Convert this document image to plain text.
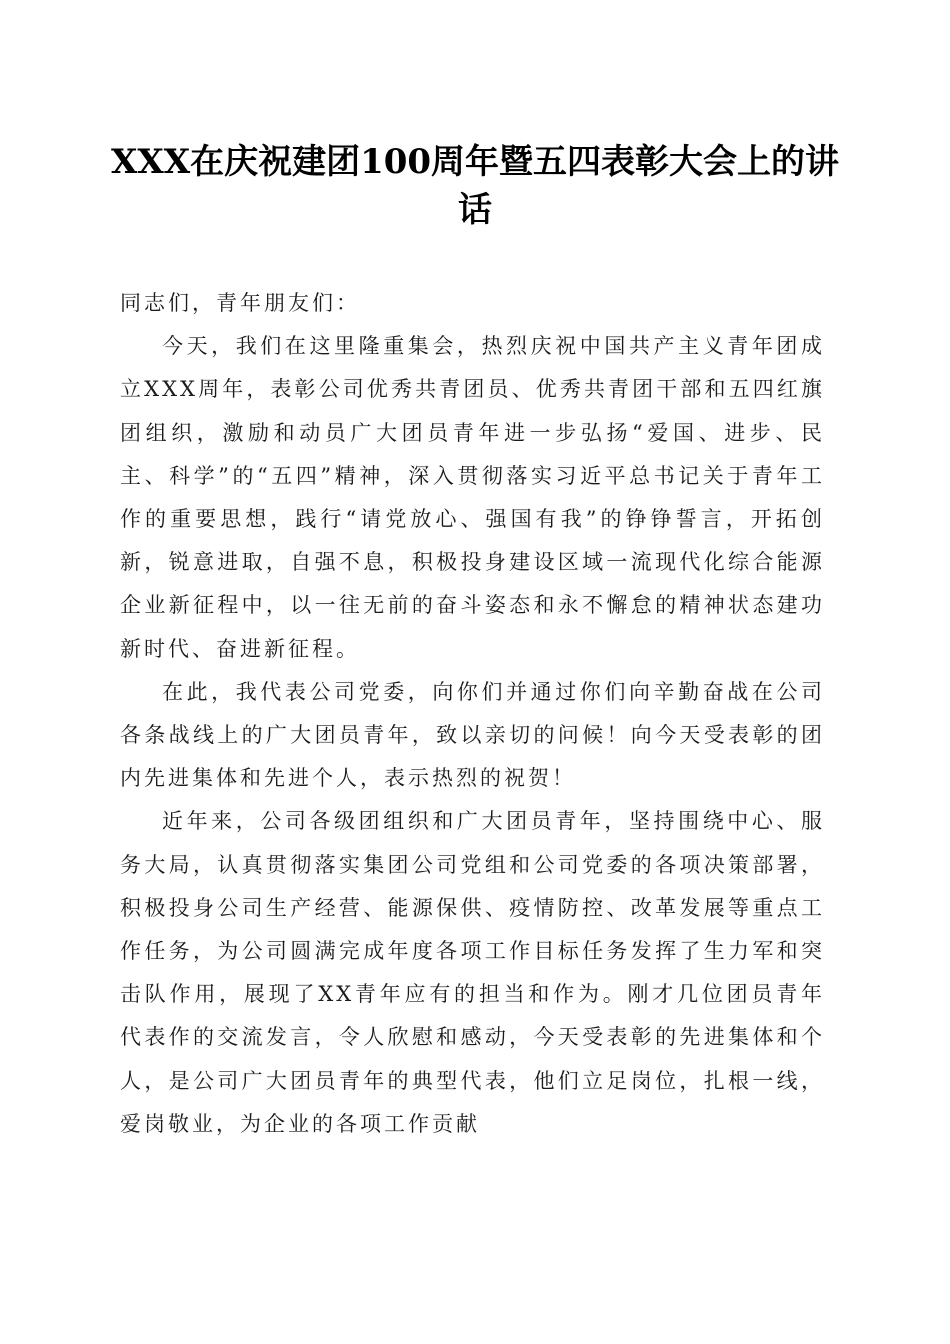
XXX在庆祝建团100周年暨五四表彰大会上的讲话

同志们，青年朋友们：

今天，我们在这里隆重集会，热烈庆祝中国共产主义青年团成立XXX周年，表彰公司优秀共青团员、优秀共青团干部和五四红旗团组织，激励和动员广大团员青年进一步弘扬“爱国、进步、民主、科学”的“五四”精神，深入贯彻落实习近平总书记关于青年工作的重要思想，践行“请党放心、强国有我”的铮铮誓言，开拓创新，锐意进取，自强不息，积极投身建设区域一流现代化综合能源企业新征程中，以一往无前的奋斗姿态和永不懈怠的精神状态建功新时代、奋进新征程。

在此，我代表公司党委，向你们并通过你们向辛勤奋战在公司各条战线上的广大团员青年，致以亲切的问候！向今天受表彰的团内先进集体和先进个人，表示热烈的祝贺！

近年来，公司各级团组织和广大团员青年，坚持围绕中心、服务大局，认真贯彻落实集团公司党组和公司党委的各项决策部署，积极投身公司生产经营、能源保供、疫情防控、改革发展等重点工作任务，为公司圆满完成年度各项工作目标任务发挥了生力军和突击队作用，展现了XX青年应有的担当和作为。刚才几位团员青年代表作的交流发言，令人欣慰和感动，今天受表彰的先进集体和个人，是公司广大团员青年的典型代表，他们立足岗位，扎根一线，爱岗敬业，为企业的各项工作贡献
